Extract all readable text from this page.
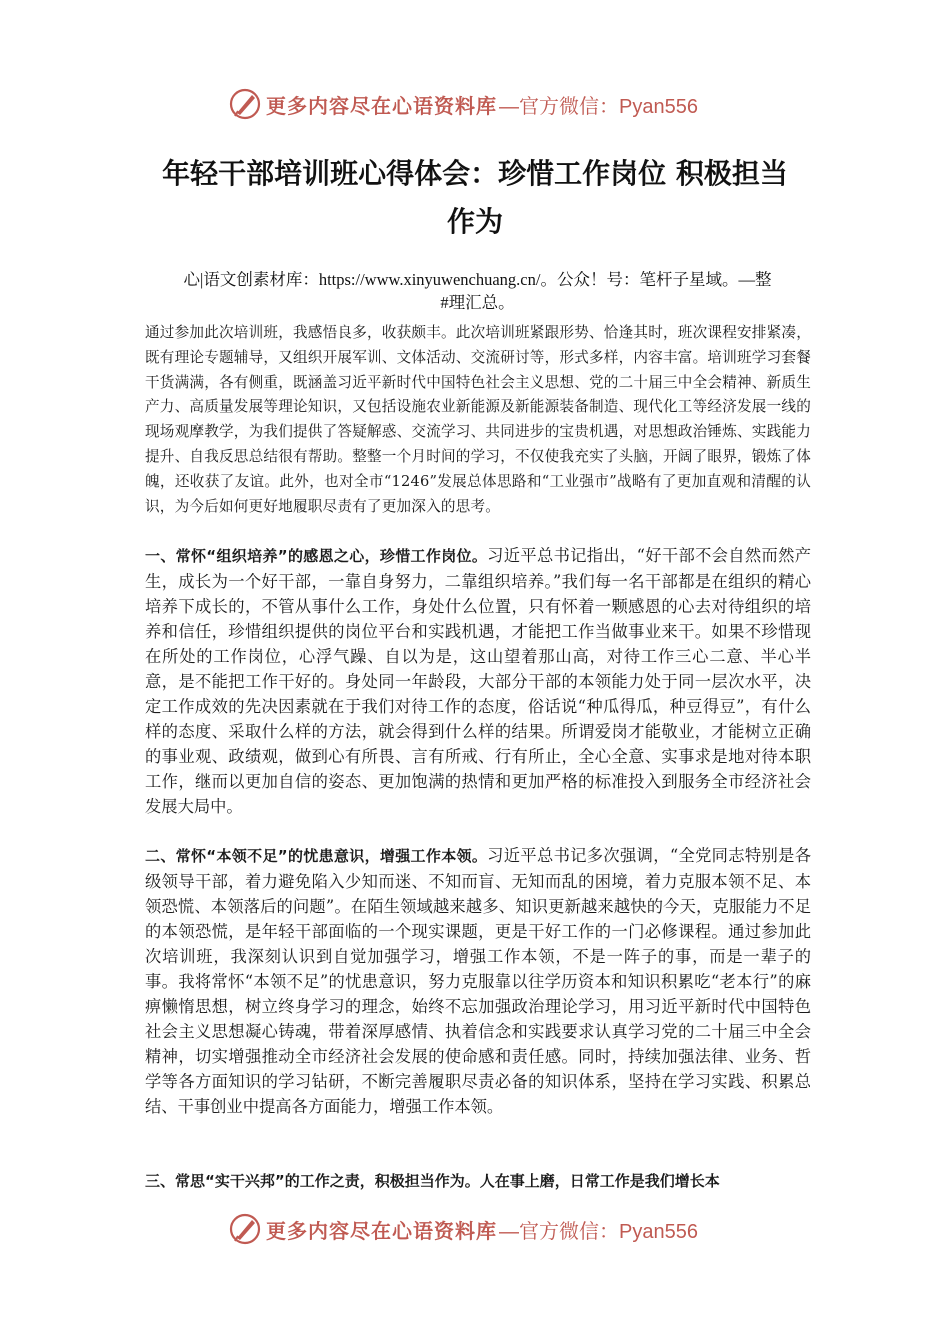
更多内容尽在心语资料库 —官方微信：Pyan556
年轻干部培训班心得体会：珍惜工作岗位 积极担当
作为
心|语文创素材库：https://www.xinyuwenchuang.cn/。公众！号：笔杆子星域。—整
#理汇总。
通过参加此次培训班，我感悟良多，收获颇丰。此次培训班紧跟形势、恰逢其时，班次课程安排紧凑，既有理论专题辅导，又组织开展军训、文体活动、交流研讨等，形式多样，内容丰富。培训班学习套餐干货满满，各有侧重，既涵盖习近平新时代中国特色社会主义思想、党的二十届三中全会精神、新质生产力、高质量发展等理论知识，又包括设施农业新能源及新能源装备制造、现代化工等经济发展一线的现场观摩教学，为我们提供了答疑解惑、交流学习、共同进步的宝贵机遇，对思想政治锤炼、实践能力提升、自我反思总结很有帮助。整整一个月时间的学习，不仅使我充实了头脑，开阔了眼界，锻炼了体魄，还收获了友谊。此外，也对全市“1246”发展总体思路和“工业强市”战略有了更加直观和清醒的认识，为今后如何更好地履职尽责有了更加深入的思考。
一、常怀“组织培养”的感恩之心，珍惜工作岗位。习近平总书记指出，“好干部不会自然而然产生，成长为一个好干部，一靠自身努力，二靠组织培养。”我们每一名干部都是在组织的精心培养下成长的，不管从事什么工作，身处什么位置，只有怀着一颗感恩的心去对待组织的培养和信任，珍惜组织提供的岗位平台和实践机遇，才能把工作当做事业来干。如果不珍惜现在所处的工作岗位，心浮气躁、自以为是，这山望着那山高，对待工作三心二意、半心半意，是不能把工作干好的。身处同一年龄段，大部分干部的本领能力处于同一层次水平，决定工作成效的先决因素就在于我们对待工作的态度，俗话说“种瓜得瓜，种豆得豆”，有什么样的态度、采取什么样的方法，就会得到什么样的结果。所谓爱岗才能敬业，才能树立正确的事业观、政绩观，做到心有所畏、言有所戒、行有所止，全心全意、实事求是地对待本职工作，继而以更加自信的姿态、更加饱满的热情和更加严格的标准投入到服务全市经济社会发展大局中。
二、常怀“本领不足”的忧患意识，增强工作本领。习近平总书记多次强调，“全党同志特别是各级领导干部，着力避免陷入少知而迷、不知而盲、无知而乱的困境，着力克服本领不足、本领恐慌、本领落后的问题”。在陌生领域越来越多、知识更新越来越快的今天，克服能力不足的本领恐慌，是年轻干部面临的一个现实课题，更是干好工作的一门必修课程。通过参加此次培训班，我深刻认识到自觉加强学习，增强工作本领，不是一阵子的事，而是一辈子的事。我将常怀“本领不足”的忧患意识，努力克服靠以往学历资本和知识积累吃“老本行”的麻痹懒惰思想，树立终身学习的理念，始终不忘加强政治理论学习，用习近平新时代中国特色社会主义思想凝心铸魂，带着深厚感情、执着信念和实践要求认真学习党的二十届三中全会精神，切实增强推动全市经济社会发展的使命感和责任感。同时，持续加强法律、业务、哲学等各方面知识的学习钻研，不断完善履职尽责必备的知识体系，坚持在学习实践、积累总结、干事创业中提高各方面能力，增强工作本领。
三、常思“实干兴邦”的工作之责，积极担当作为。人在事上磨，日常工作是我们增长本
更多内容尽在心语资料库 —官方微信：Pyan556
